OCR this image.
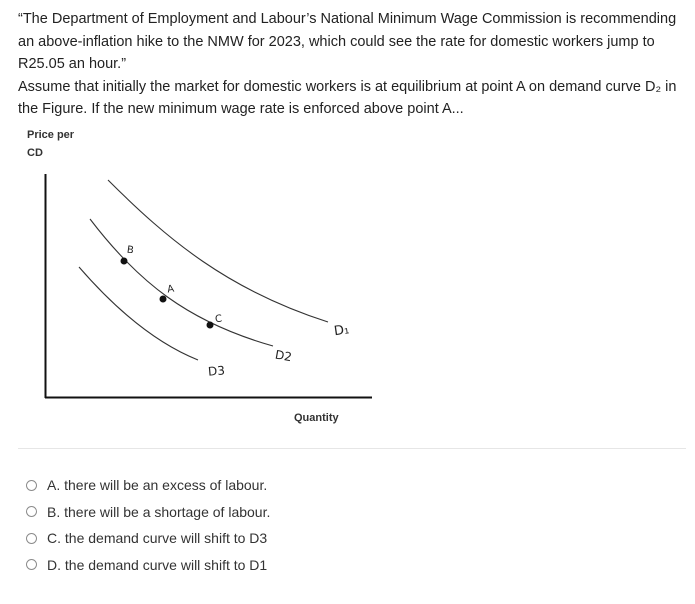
“The Department of Employment and Labour’s National Minimum Wage Commission is recommending an above-inflation hike to the NMW for 2023, which could see the rate for domestic workers jump to R25.05 an hour.”

Assume that initially the market for domestic workers is at equilibrium at point A on demand curve D₂ in the Figure. If the new minimum wage rate is enforced above point A...

Price per
CD
B
A
C
D₁
D2
D3
Quantity
A.
there will be an excess of labour.
B.
there will be a shortage of labour.
C.
the demand curve will shift to D3
D.
the demand curve will shift to D1
